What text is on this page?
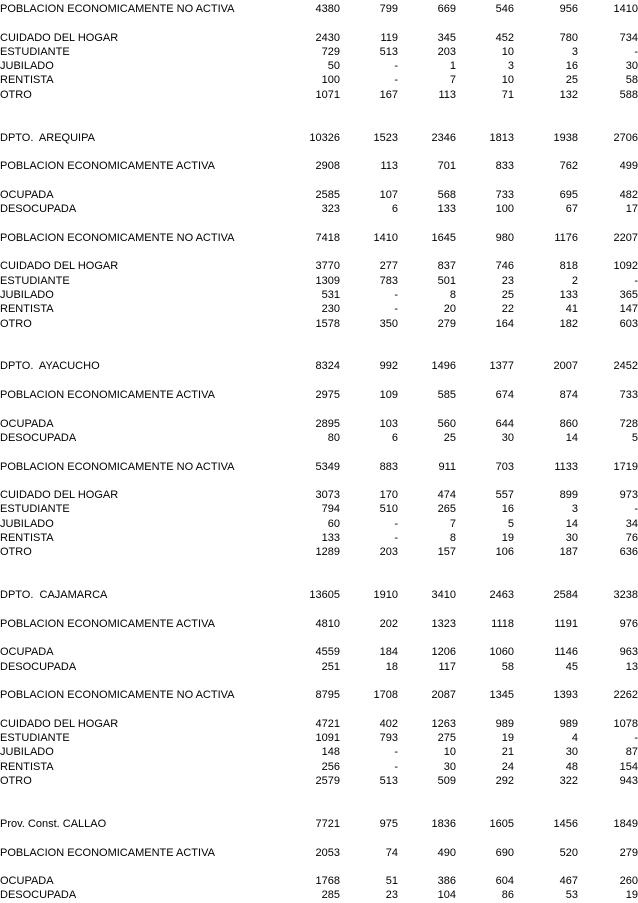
POBLACION ECONOMICAMENTE NO ACTIVA	4380	799	669	546	956	1410

CUIDADO DEL HOGAR	2430	119	345	452	780	734
ESTUDIANTE	729	513	203	10	3	-
JUBILADO	50	-	1	3	16	30
RENTISTA	100	-	7	10	25	58
OTRO	1071	167	113	71	132	588

DPTO.  AREQUIPA	10326	1523	2346	1813	1938	2706

POBLACION ECONOMICAMENTE ACTIVA	2908	113	701	833	762	499

OCUPADA	2585	107	568	733	695	482
DESOCUPADA	323	6	133	100	67	17

POBLACION ECONOMICAMENTE NO ACTIVA	7418	1410	1645	980	1176	2207

CUIDADO DEL HOGAR	3770	277	837	746	818	1092
ESTUDIANTE	1309	783	501	23	2	-
JUBILADO	531	-	8	25	133	365
RENTISTA	230	-	20	22	41	147
OTRO	1578	350	279	164	182	603

DPTO.  AYACUCHO	8324	992	1496	1377	2007	2452

POBLACION ECONOMICAMENTE ACTIVA	2975	109	585	674	874	733

OCUPADA	2895	103	560	644	860	728
DESOCUPADA	80	6	25	30	14	5

POBLACION ECONOMICAMENTE NO ACTIVA	5349	883	911	703	1133	1719

CUIDADO DEL HOGAR	3073	170	474	557	899	973
ESTUDIANTE	794	510	265	16	3	-
JUBILADO	60	-	7	5	14	34
RENTISTA	133	-	8	19	30	76
OTRO	1289	203	157	106	187	636

DPTO.  CAJAMARCA	13605	1910	3410	2463	2584	3238

POBLACION ECONOMICAMENTE ACTIVA	4810	202	1323	1118	1191	976

OCUPADA	4559	184	1206	1060	1146	963
DESOCUPADA	251	18	117	58	45	13

POBLACION ECONOMICAMENTE NO ACTIVA	8795	1708	2087	1345	1393	2262

CUIDADO DEL HOGAR	4721	402	1263	989	989	1078
ESTUDIANTE	1091	793	275	19	4	-
JUBILADO	148	-	10	21	30	87
RENTISTA	256	-	30	24	48	154
OTRO	2579	513	509	292	322	943

Prov. Const. CALLAO	7721	975	1836	1605	1456	1849

POBLACION ECONOMICAMENTE ACTIVA	2053	74	490	690	520	279

OCUPADA	1768	51	386	604	467	260
DESOCUPADA	285	23	104	86	53	19
